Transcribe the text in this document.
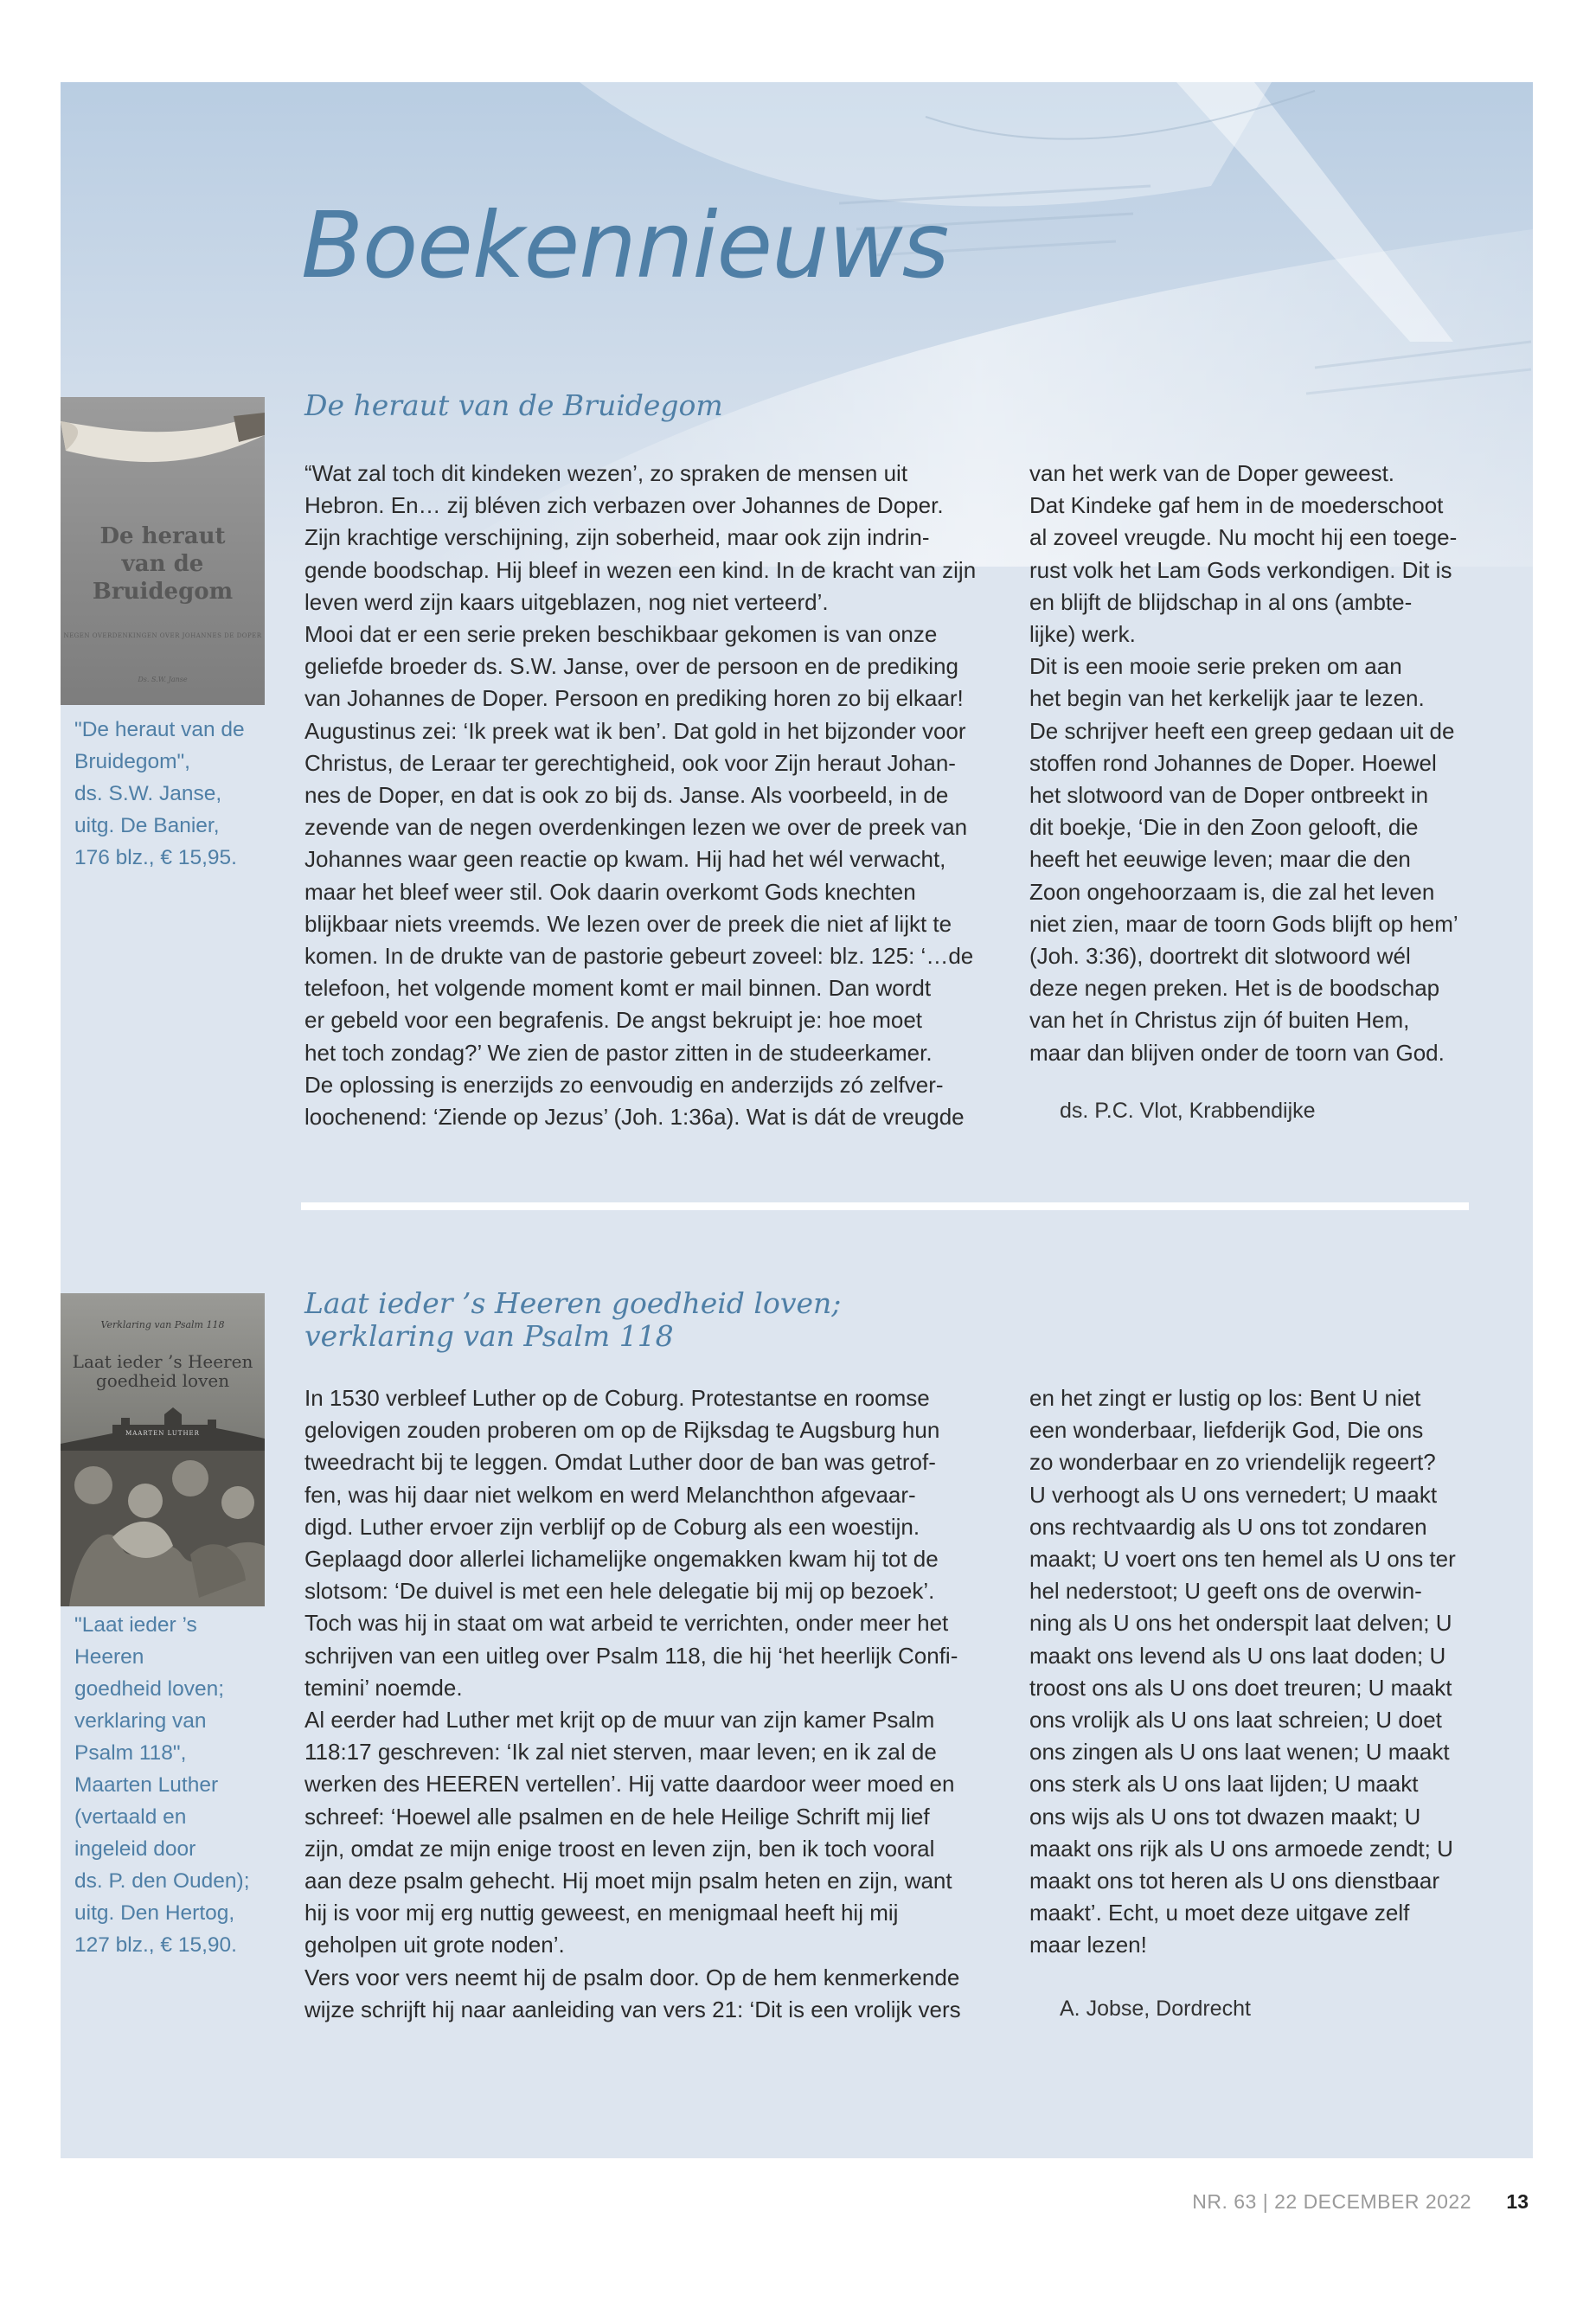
Boekennieuws
De heraut
van de
Bruidegom
NEGEN OVERDENKINGEN OVER JOHANNES DE DOPER
Ds. S.W. Janse
"De heraut van de
Bruidegom",
ds. S.W. Janse,
uitg. De Banier,
176 blz., € 15,95.
De heraut van de Bruidegom

“Wat zal toch dit kindeken wezen’, zo spraken de mensen uit
Hebron. En… zij bléven zich verbazen over Johannes de Doper.
Zijn krachtige verschijning, zijn soberheid, maar ook zijn indrin-
gende boodschap. Hij bleef in wezen een kind. In de kracht van zijn
leven werd zijn kaars uitgeblazen, nog niet verteerd’.

Mooi dat er een serie preken beschikbaar gekomen is van onze
geliefde broeder ds. S.W. Janse, over de persoon en de prediking
van Johannes de Doper. Persoon en prediking horen zo bij elkaar!
Augustinus zei: ‘Ik preek wat ik ben’. Dat gold in het bijzonder voor
Christus, de Leraar ter gerechtigheid, ook voor Zijn heraut Johan-
nes de Doper, en dat is ook zo bij ds. Janse. Als voorbeeld, in de
zevende van de negen overdenkingen lezen we over de preek van
Johannes waar geen reactie op kwam. Hij had het wél verwacht,
maar het bleef weer stil. Ook daarin overkomt Gods knechten
blijkbaar niets vreemds. We lezen over de preek die niet af lijkt te
komen. In de drukte van de pastorie gebeurt zoveel: blz. 125: ‘…de
telefoon, het volgende moment komt er mail binnen. Dan wordt
er gebeld voor een begrafenis. De angst bekruipt je: hoe moet
het toch zondag?’ We zien de pastor zitten in de studeerkamer.
De oplossing is enerzijds zo eenvoudig en anderzijds zó zelfver-
loochenend: ‘Ziende op Jezus’ (Joh. 1:36a). Wat is dát de vreugde

van het werk van de Doper geweest.
Dat Kindeke gaf hem in de moederschoot
al zoveel vreugde. Nu mocht hij een toege-
rust volk het Lam Gods verkondigen. Dit is
en blijft de blijdschap in al ons (ambte-
lijke) werk.

Dit is een mooie serie preken om aan
het begin van het kerkelijk jaar te lezen.
De schrijver heeft een greep gedaan uit de
stoffen rond Johannes de Doper. Hoewel
het slotwoord van de Doper ontbreekt in
dit boekje, ‘Die in den Zoon gelooft, die
heeft het eeuwige leven; maar die den
Zoon ongehoorzaam is, die zal het leven
niet zien, maar de toorn Gods blijft op hem’
(Joh. 3:36), doortrekt dit slotwoord wél
deze negen preken. Het is de boodschap
van het ín Christus zijn óf buiten Hem,
maar dan blijven onder de toorn van God.

ds. P.C. Vlot, Krabbendijke

Verklaring van Psalm 118
Laat ieder ’s Heeren
goedheid loven
MAARTEN LUTHER
"Laat ieder ’s Heeren
goedheid loven;
verklaring van
Psalm 118",
Maarten Luther
(vertaald en
ingeleid door
ds. P. den Ouden);
uitg. Den Hertog,
127 blz., € 15,90.
Laat ieder ’s Heeren goedheid loven;
verklaring van Psalm 118

In 1530 verbleef Luther op de Coburg. Protestantse en roomse
gelovigen zouden proberen om op de Rijksdag te Augsburg hun
tweedracht bij te leggen. Omdat Luther door de ban was getrof-
fen, was hij daar niet welkom en werd Melanchthon afgevaar-
digd. Luther ervoer zijn verblijf op de Coburg als een woestijn.
Geplaagd door allerlei lichamelijke ongemakken kwam hij tot de
slotsom: ‘De duivel is met een hele delegatie bij mij op bezoek’.
Toch was hij in staat om wat arbeid te verrichten, onder meer het
schrijven van een uitleg over Psalm 118, die hij ‘het heerlijk Confi-
temini’ noemde.

Al eerder had Luther met krijt op de muur van zijn kamer Psalm
118:17 geschreven: ‘Ik zal niet sterven, maar leven; en ik zal de
werken des HEEREN vertellen’. Hij vatte daardoor weer moed en
schreef: ‘Hoewel alle psalmen en de hele Heilige Schrift mij lief
zijn, omdat ze mijn enige troost en leven zijn, ben ik toch vooral
aan deze psalm gehecht. Hij moet mijn psalm heten en zijn, want
hij is voor mij erg nuttig geweest, en menigmaal heeft hij mij
geholpen uit grote noden’.

Vers voor vers neemt hij de psalm door. Op de hem kenmerkende
wijze schrijft hij naar aanleiding van vers 21: ‘Dit is een vrolijk vers

en het zingt er lustig op los: Bent U niet
een wonderbaar, liefderijk God, Die ons
zo wonderbaar en zo vriendelijk regeert?
U verhoogt als U ons vernedert; U maakt
ons rechtvaardig als U ons tot zondaren
maakt; U voert ons ten hemel als U ons ter
hel nederstoot; U geeft ons de overwin-
ning als U ons het onderspit laat delven; U
maakt ons levend als U ons laat doden; U
troost ons als U ons doet treuren; U maakt
ons vrolijk als U ons laat schreien; U doet
ons zingen als U ons laat wenen; U maakt
ons sterk als U ons laat lijden; U maakt
ons wijs als U ons tot dwazen maakt; U
maakt ons rijk als U ons armoede zendt; U
maakt ons tot heren als U ons dienstbaar
maakt’. Echt, u moet deze uitgave zelf
maar lezen!

A. Jobse, Dordrecht

NR. 63 | 22 DECEMBER 2022 13
